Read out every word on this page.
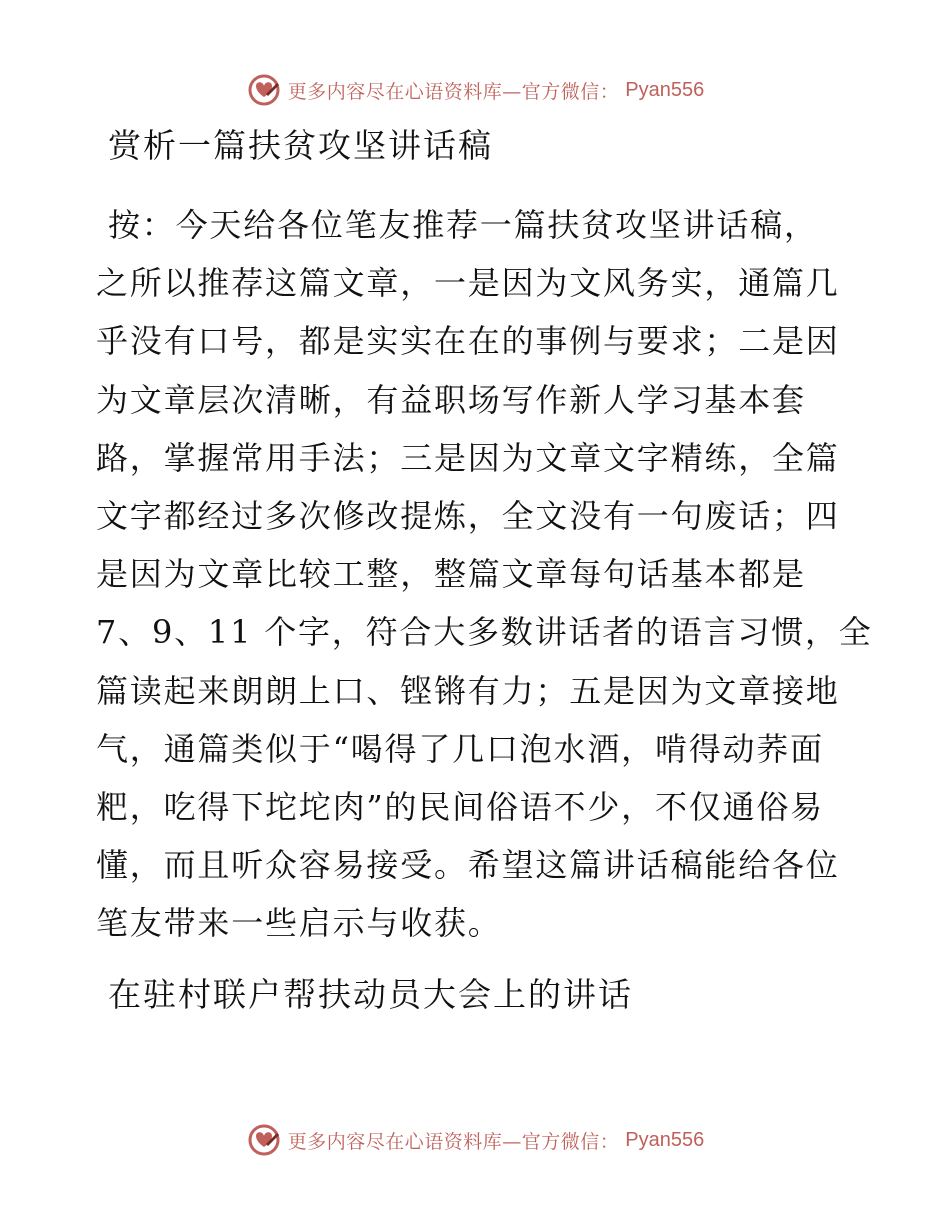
更多内容尽在心语资料库—官方微信： Pyan556
赏析一篇扶贫攻坚讲话稿
按：今天给各位笔友推荐一篇扶贫攻坚讲话稿，
之所以推荐这篇文章，一是因为文风务实，通篇几
乎没有口号，都是实实在在的事例与要求；二是因
为文章层次清晰，有益职场写作新人学习基本套
路，掌握常用手法；三是因为文章文字精练，全篇
文字都经过多次修改提炼，全文没有一句废话；四
是因为文章比较工整，整篇文章每句话基本都是
7、9、11 个字，符合大多数讲话者的语言习惯，全
篇读起来朗朗上口、铿锵有力；五是因为文章接地
气，通篇类似于“喝得了几口泡水酒，啃得动荞面
粑，吃得下坨坨肉”的民间俗语不少，不仅通俗易
懂，而且听众容易接受。希望这篇讲话稿能给各位
笔友带来一些启示与收获。
在驻村联户帮扶动员大会上的讲话
更多内容尽在心语资料库—官方微信： Pyan556
